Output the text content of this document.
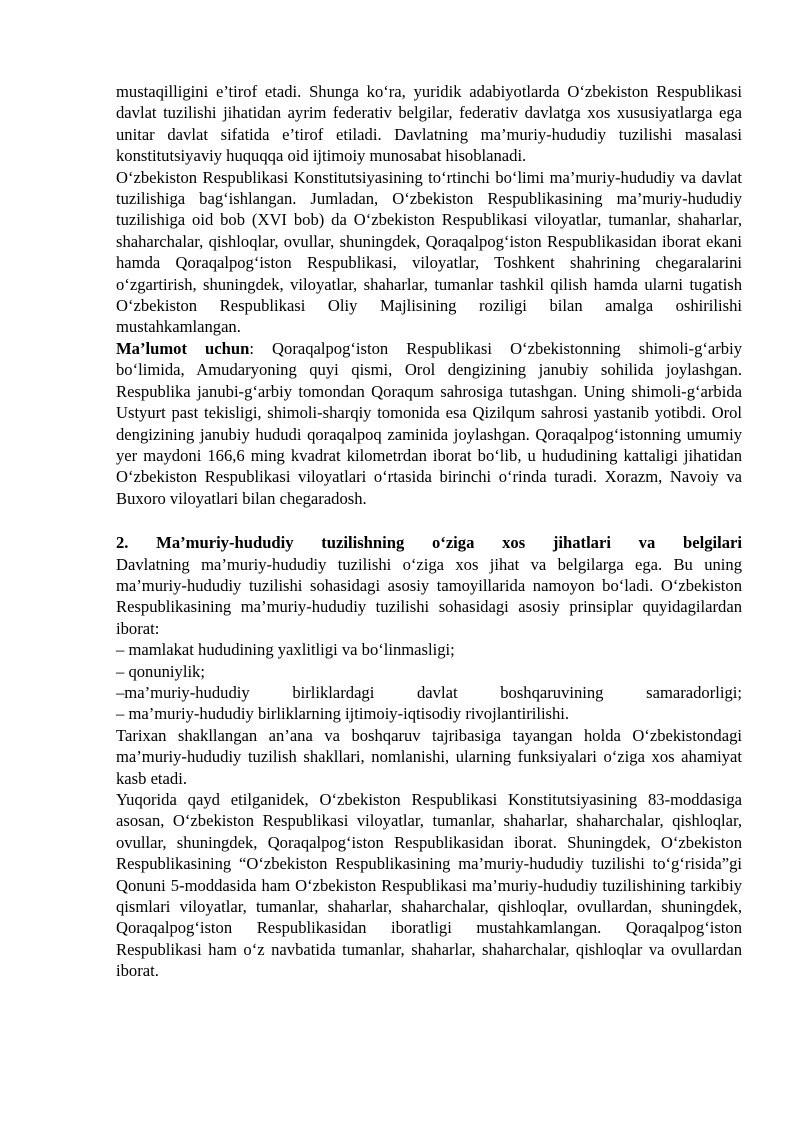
mustaqilligini e’tirof etadi. Shunga ko‘ra, yuridik adabiyotlarda O‘zbekiston Respublikasi davlat tuzilishi jihatidan ayrim federativ belgilar, federativ davlatga xos xususiyatlarga ega unitar davlat sifatida e’tirof etiladi. Davlatning ma’muriy-hududiy tuzilishi masalasi konstitutsiyaviy huquqqa oid ijtimoiy munosabat hisoblanadi.

O‘zbekiston Respublikasi Konstitutsiyasining to‘rtinchi bo‘limi ma’muriy-hududiy va davlat tuzilishiga bag‘ishlangan. Jumladan, O‘zbekiston Respublikasining ma’muriy-hududiy tuzilishiga oid bob (XVI bob) da O‘zbekiston Respublikasi viloyatlar, tumanlar, shaharlar, shaharchalar, qishloqlar, ovullar, shuningdek, Qoraqalpog‘iston Respublikasidan iborat ekani hamda Qoraqalpog‘iston Respublikasi, viloyatlar, Toshkent shahrining chegaralarini o‘zgartirish, shuningdek, viloyatlar, shaharlar, tumanlar tashkil qilish hamda ularni tugatish O‘zbekiston Respublikasi Oliy Majlisining roziligi bilan amalga oshirilishi mustahkamlangan.

Ma’lumot uchun: Qoraqalpog‘iston Respublikasi O‘zbekistonning shimoli-g‘arbiy bo‘limida, Amudaryoning quyi qismi, Orol dengizining janubiy sohilida joylashgan. Respublika janubi-g‘arbiy tomondan Qoraqum sahrosiga tutashgan. Uning shimoli-g‘arbida Ustyurt past tekisligi, shimoli-sharqiy tomonida esa Qizilqum sahrosi yastanib yotibdi. Orol dengizining janubiy hududi qoraqalpoq zaminida joylashgan. Qoraqalpog‘istonning umumiy yer maydoni 166,6 ming kvadrat kilometrdan iborat bo‘lib, u hududining kattaligi jihatidan O‘zbekiston Respublikasi viloyatlari o‘rtasida birinchi o‘rinda turadi. Xorazm, Navoiy va Buxoro viloyatlari bilan chegaradosh.

2. Ma’muriy-hududiy tuzilishning o‘ziga xos jihatlari va belgilari

Davlatning ma’muriy-hududiy tuzilishi o‘ziga xos jihat va belgilarga ega. Bu uning ma’muriy-hududiy tuzilishi sohasidagi asosiy tamoyillarida namoyon bo‘ladi. O‘zbekiston Respublikasining ma’muriy-hududiy tuzilishi sohasidagi asosiy prinsiplar quyidagilardan iborat:

– mamlakat hududining yaxlitligi va bo‘linmasligi;

– qonuniylik;

–ma’muriy-hududiy birliklardagi davlat boshqaruvining samaradorligi;

– ma’muriy-hududiy birliklarning ijtimoiy-iqtisodiy rivojlantirilishi.

Tarixan shakllangan an’ana va boshqaruv tajribasiga tayangan holda O‘zbekistondagi ma’muriy-hududiy tuzilish shakllari, nomlanishi, ularning funksiyalari o‘ziga xos ahamiyat kasb etadi.

Yuqorida qayd etilganidek, O‘zbekiston Respublikasi Konstitutsiyasining 83-moddasiga asosan, O‘zbekiston Respublikasi viloyatlar, tumanlar, shaharlar, shaharchalar, qishloqlar, ovullar, shuningdek, Qoraqalpog‘iston Respublikasidan iborat. Shuningdek, O‘zbekiston Respublikasining “O‘zbekiston Respublikasining ma’muriy-hududiy tuzilishi to‘g‘risida”gi Qonuni 5-moddasida ham O‘zbekiston Respublikasi ma’muriy-hududiy tuzilishining tarkibiy qismlari viloyatlar, tumanlar, shaharlar, shaharchalar, qishloqlar, ovullardan, shuningdek, Qoraqalpog‘iston Respublikasidan iboratligi mustahkamlangan. Qoraqalpog‘iston Respublikasi ham o‘z navbatida tumanlar, shaharlar, shaharchalar, qishloqlar va ovullardan iborat.
